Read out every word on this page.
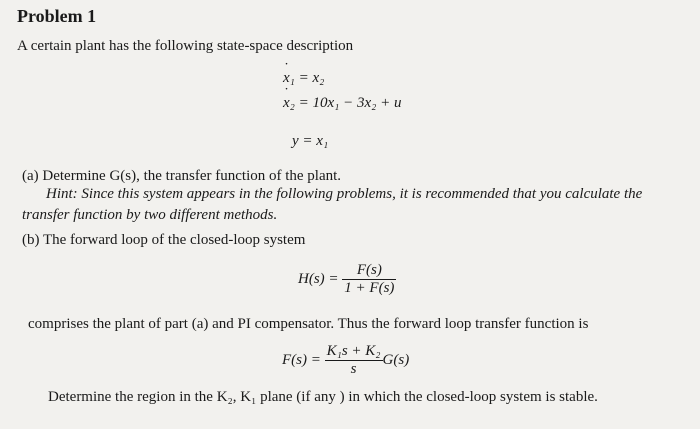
Problem 1
A certain plant has the following state-space description
˙ x₁ = x₂
˙ x₂ = 10x₁ − 3x₂ + u
y = x₁
(a) Determine G(s), the transfer function of the plant.
Hint: Since this system appears in the following problems, it is recommended that you calculate the
transfer function by two different methods.
(b) The forward loop of the closed-loop system
$H(s) = \frac{F(s)}{1 + F(s)}$
comprises the plant of part (a) and PI compensator. Thus the forward loop transfer function is
$F(s) = \frac{\text{K₁s + K₂}}{s} G(s)$
Determine the region in the K₂, K₁ plane (if any ) in which the closed-loop system is stable.
